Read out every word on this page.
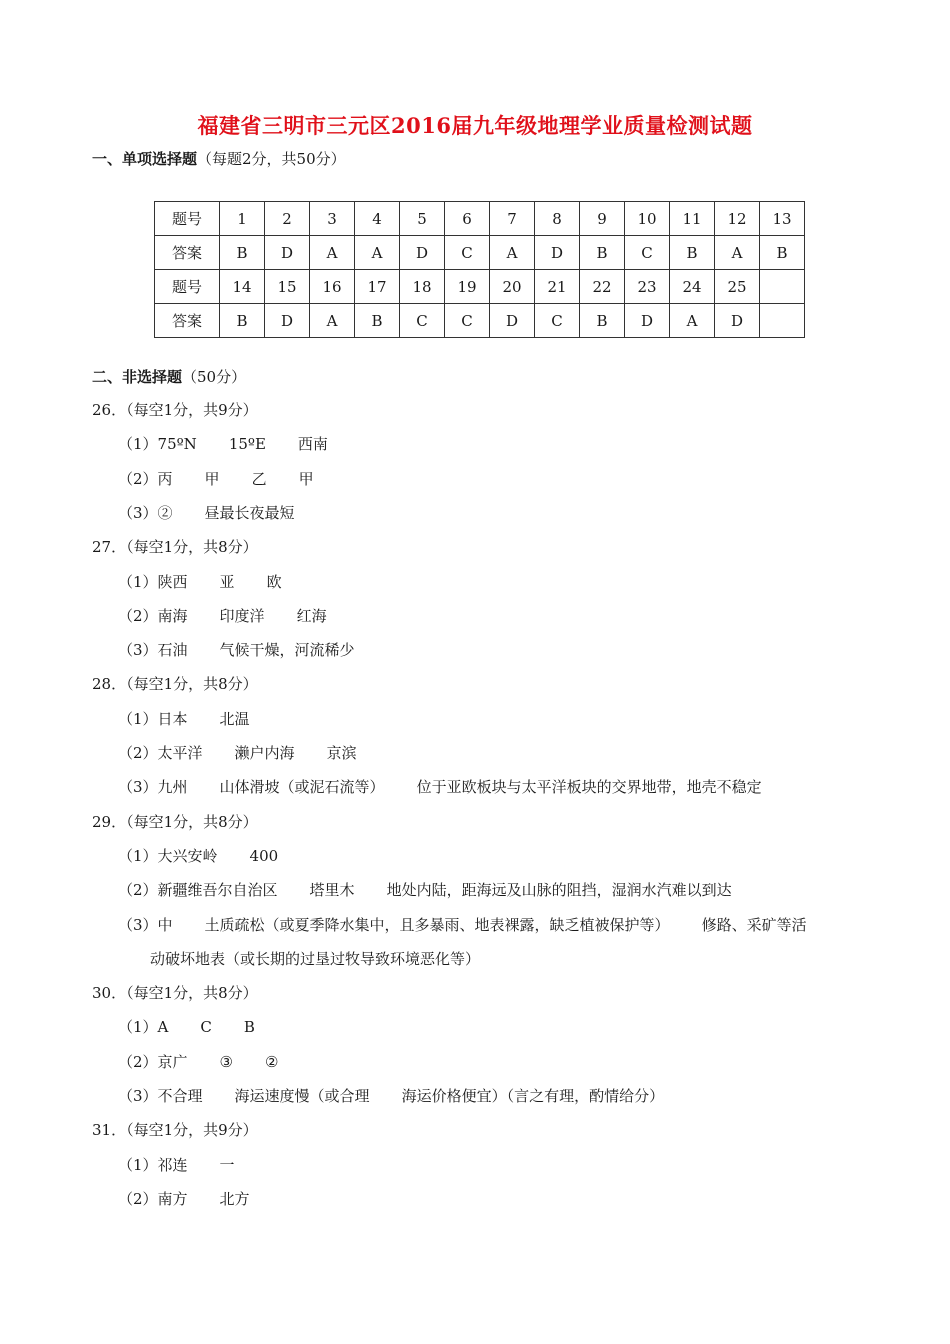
福建省三明市三元区2016届九年级地理学业质量检测试题
一、单项选择题（每题2分，共50分）
题号	1	2	3	4	5	6	7	8	9	10	11	12	13
答案	B	D	A	A	D	C	A	D	B	C	B	A	B
题号	14	15	16	17	18	19	20	21	22	23	24	25	
答案	B	D	A	B	C	C	D	C	B	D	A	D	
二、非选择题（50分）
26．（每空1分，共9分）
（1）75ºN 15ºE 西南
（2）丙 甲 乙 甲
（3）② 昼最长夜最短
27．（每空1分，共8分）
（1）陕西 亚 欧
（2）南海 印度洋 红海
（3）石油 气候干燥，河流稀少
28．（每空1分，共8分）
（1）日本 北温
（2）太平洋 濑户内海 京滨
（3）九州 山体滑坡（或泥石流等） 位于亚欧板块与太平洋板块的交界地带，地壳不稳定
29．（每空1分，共8分）
（1）大兴安岭 400
（2）新疆维吾尔自治区 塔里木 地处内陆，距海远及山脉的阻挡，湿润水汽难以到达
（3）中 土质疏松（或夏季降水集中，且多暴雨、地表裸露，缺乏植被保护等） 修路、采矿等活
动破坏地表（或长期的过垦过牧导致环境恶化等）
30．（每空1分，共8分）
（1）A C B
（2）京广 ③ ②
（3）不合理 海运速度慢（或合理 海运价格便宜）（言之有理，酌情给分）
31．（每空1分，共9分）
（1）祁连 一
（2）南方 北方
